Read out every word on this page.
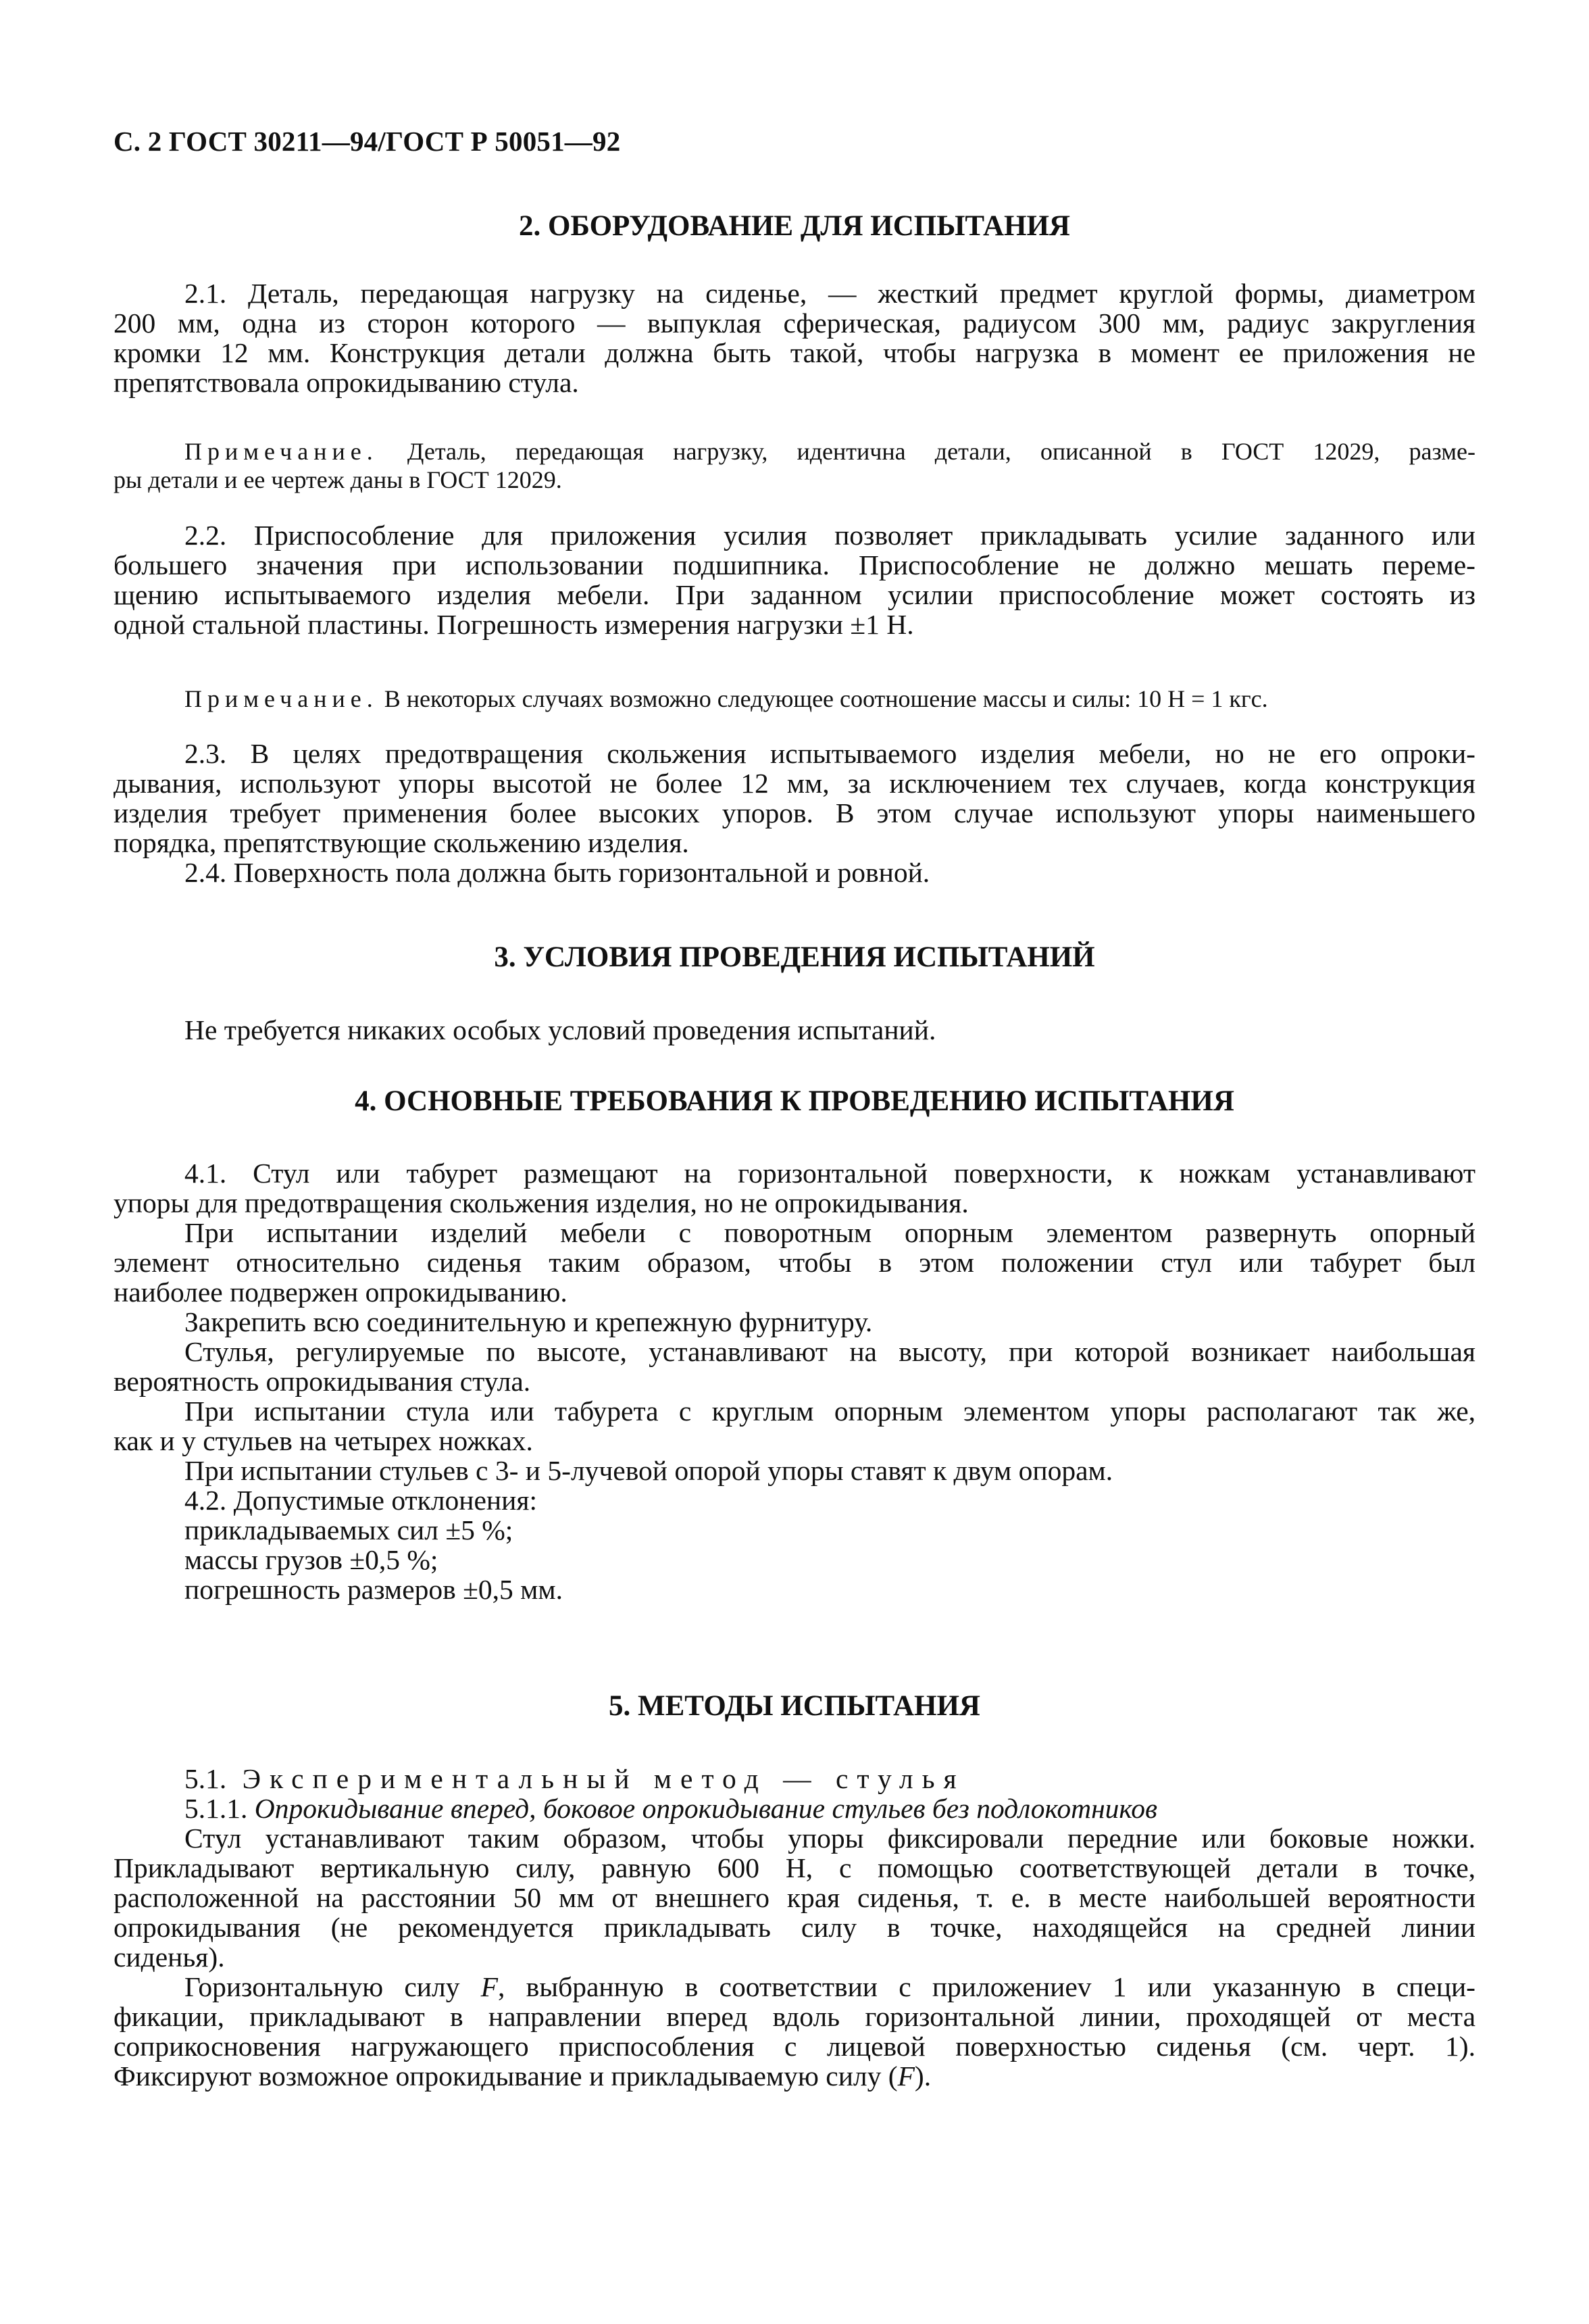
С. 2 ГОСТ 30211—94/ГОСТ Р 50051—92
2. ОБОРУДОВАНИЕ ДЛЯ ИСПЫТАНИЯ
2.1. Деталь, передающая нагрузку на сиденье, — жесткий предмет круглой формы, диаметром
200 мм, одна из сторон которого — выпуклая сферическая, радиусом 300 мм, радиус закругления
кромки 12 мм. Конструкция детали должна быть такой, чтобы нагрузка в момент ее приложения не
препятствовала опрокидыванию стула.
Примечание. Деталь, передающая нагрузку, идентична детали, описанной в ГОСТ 12029, разме-
ры детали и ее чертеж даны в ГОСТ 12029.
2.2. Приспособление для приложения усилия позволяет прикладывать усилие заданного или
большего значения при использовании подшипника. Приспособление не должно мешать переме-
щению испытываемого изделия мебели. При заданном усилии приспособление может состоять из
одной стальной пластины. Погрешность измерения нагрузки ±1 Н.
Примечание. В некоторых случаях возможно следующее соотношение массы и силы: 10 Н = 1 кгс.
2.3. В целях предотвращения скольжения испытываемого изделия мебели, но не его опроки-
дывания, используют упоры высотой не более 12 мм, за исключением тех случаев, когда конструкция
изделия требует применения более высоких упоров. В этом случае используют упоры наименьшего
порядка, препятствующие скольжению изделия.
2.4. Поверхность пола должна быть горизонтальной и ровной.
3. УСЛОВИЯ ПРОВЕДЕНИЯ ИСПЫТАНИЙ
Не требуется никаких особых условий проведения испытаний.
4. ОСНОВНЫЕ ТРЕБОВАНИЯ К ПРОВЕДЕНИЮ ИСПЫТАНИЯ
4.1. Стул или табурет размещают на горизонтальной поверхности, к ножкам устанавливают
упоры для предотвращения скольжения изделия, но не опрокидывания.
При испытании изделий мебели с поворотным опорным элементом развернуть опорный
элемент относительно сиденья таким образом, чтобы в этом положении стул или табурет был
наиболее подвержен опрокидыванию.
Закрепить всю соединительную и крепежную фурнитуру.
Стулья, регулируемые по высоте, устанавливают на высоту, при которой возникает наибольшая
вероятность опрокидывания стула.
При испытании стула или табурета с круглым опорным элементом упоры располагают так же,
как и у стульев на четырех ножках.
При испытании стульев с 3- и 5-лучевой опорой упоры ставят к двум опорам.
4.2. Допустимые отклонения:
прикладываемых сил ±5 %;
массы грузов ±0,5 %;
погрешность размеров ±0,5 мм.
5. МЕТОДЫ ИСПЫТАНИЯ
5.1. Экспериментальный метод — стулья
5.1.1. Опрокидывание вперед, боковое опрокидывание стульев без подлокотников
Стул устанавливают таким образом, чтобы упоры фиксировали передние или боковые ножки.
Прикладывают вертикальную силу, равную 600 Н, с помощью соответствующей детали в точке,
расположенной на расстоянии 50 мм от внешнего края сиденья, т. е. в месте наибольшей вероятности
опрокидывания (не рекомендуется прикладывать силу в точке, находящейся на средней линии
сиденья).
Горизонтальную силу F, выбранную в соответствии с приложениеv 1 или указанную в специ-
фикации, прикладывают в направлении вперед вдоль горизонтальной линии, проходящей от места
соприкосновения нагружающего приспособления с лицевой поверхностью сиденья (см. черт. 1).
Фиксируют возможное опрокидывание и прикладываемую силу (F).
